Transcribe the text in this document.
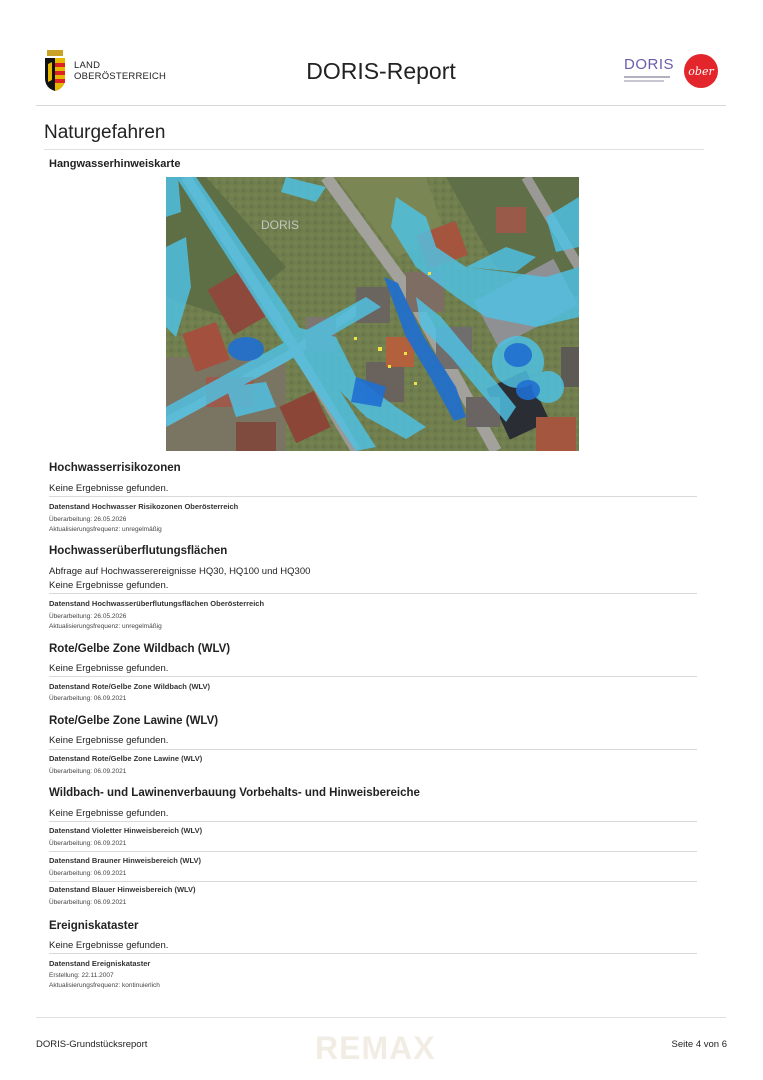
LAND
OBERÖSTERREICH	DORIS-Report	DORIS ober
Naturgefahren
Hangwasserhinweiskarte
DORIS
Hochwasserrisikozonen
Keine Ergebnisse gefunden.
Datenstand Hochwasser Risikozonen Oberösterreich
Überarbeitung: 26.05.2026
Aktualisierungsfrequenz: unregelmäßig
Hochwasserüberflutungsflächen
Abfrage auf Hochwasserereignisse HQ30, HQ100 und HQ300
Keine Ergebnisse gefunden.
Datenstand Hochwasserüberflutungsflächen Oberösterreich
Überarbeitung: 26.05.2026
Aktualisierungsfrequenz: unregelmäßig
Rote/Gelbe Zone Wildbach (WLV)
Keine Ergebnisse gefunden.
Datenstand Rote/Gelbe Zone Wildbach (WLV)
Überarbeitung: 06.09.2021
Rote/Gelbe Zone Lawine (WLV)
Keine Ergebnisse gefunden.
Datenstand Rote/Gelbe Zone Lawine (WLV)
Überarbeitung: 06.09.2021
Wildbach- und Lawinenverbauung Vorbehalts- und Hinweisbereiche
Keine Ergebnisse gefunden.
Datenstand Violetter Hinweisbereich (WLV)
Überarbeitung: 06.09.2021
Datenstand Brauner Hinweisbereich (WLV)
Überarbeitung: 06.09.2021
Datenstand Blauer Hinweisbereich (WLV)
Überarbeitung: 06.09.2021
Ereigniskataster
Keine Ergebnisse gefunden.
Datenstand Ereigniskataster
Erstellung: 22.11.2007
Aktualisierungsfrequenz: kontinuierlich
DORIS-Grundstücksreport	REMAX	Seite 4 von 6
